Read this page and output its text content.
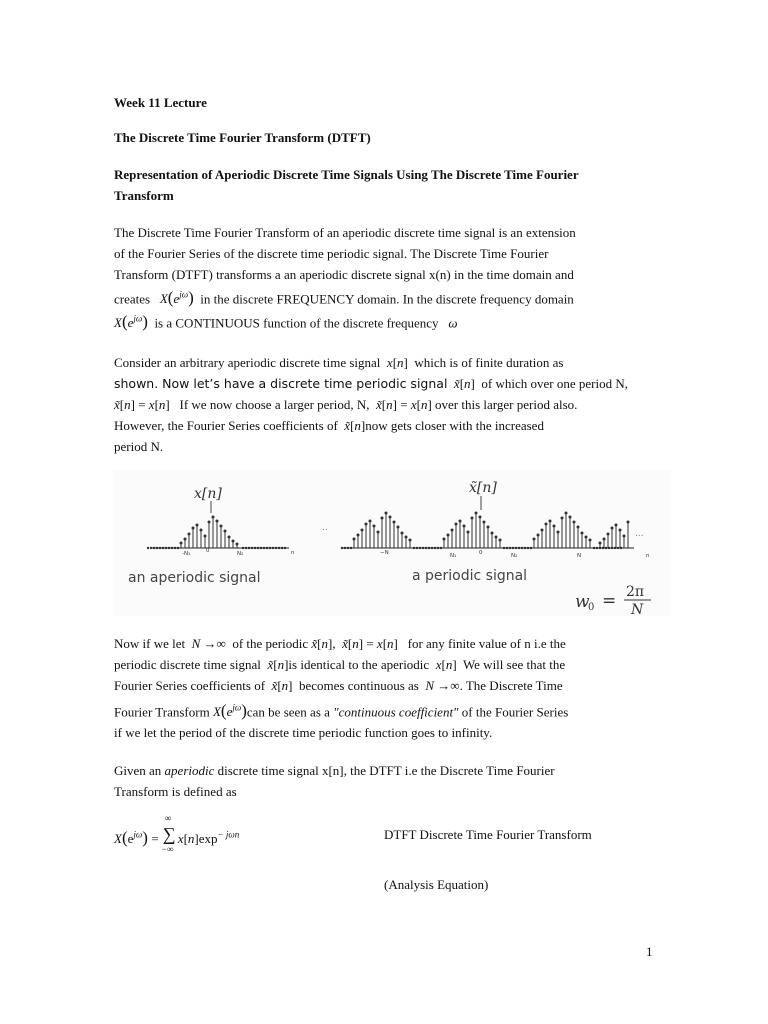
Week 11 Lecture
The Discrete Time Fourier Transform (DTFT)
Representation of Aperiodic Discrete Time Signals Using The Discrete Time Fourier
Transform
The Discrete Time Fourier Transform of an aperiodic discrete time signal is an extension
of the Fourier Series of the discrete time periodic signal. The Discrete Time Fourier
Transform (DTFT) transforms a an aperiodic discrete signal x(n) in the time domain and
creates $X(e^{j\omega})$ in the discrete FREQUENCY domain. In the discrete frequency domain
$X(e^{j\omega})$ is a CONTINUOUS function of the discrete frequency   ω
Consider an arbitrary aperiodic discrete time signal x[n]  which is of finite duration as
shown. Now let’s have a discrete time periodic signal x̃[n]  of which over one period N,
x̃[n] = x[n]   If we now choose a larger period, N, x̃[n] = x[n] over this larger period also.
However, the Fourier Series coefficients of x̃[n]now gets closer with the increased
period N.
x[n]	x̃[n]
-N₁	0	N₂	n	−N	N₁	0	N₂	N	n
..
...
an aperiodic signal	a periodic signal
w
0 = 2π
N
Now if we let N →∞  of the periodic x̃[n],  x̃[n] = x[n]   for any finite value of n i.e the
periodic discrete time signal x̃[n]is identical to the aperiodic x[n]  We will see that the
Fourier Series coefficients of x̃[n]  becomes continuous as N →∞. The Discrete Time
Fourier Transform $X(e^{j\omega})can$ be seen as a "continuous coefficient" of the Fourier Series
if we let the period of the discrete time periodic function goes to infinity.
Given an aperiodic discrete time signal x[n], the DTFT i.e the Discrete Time Fourier
Transform is defined as
$X(e^{j\omega})$ =
∞
∑
−∞
$x[n]\exp^{- j\omega n}$	DTFT Discrete Time Fourier Transform
(Analysis Equation)
1
